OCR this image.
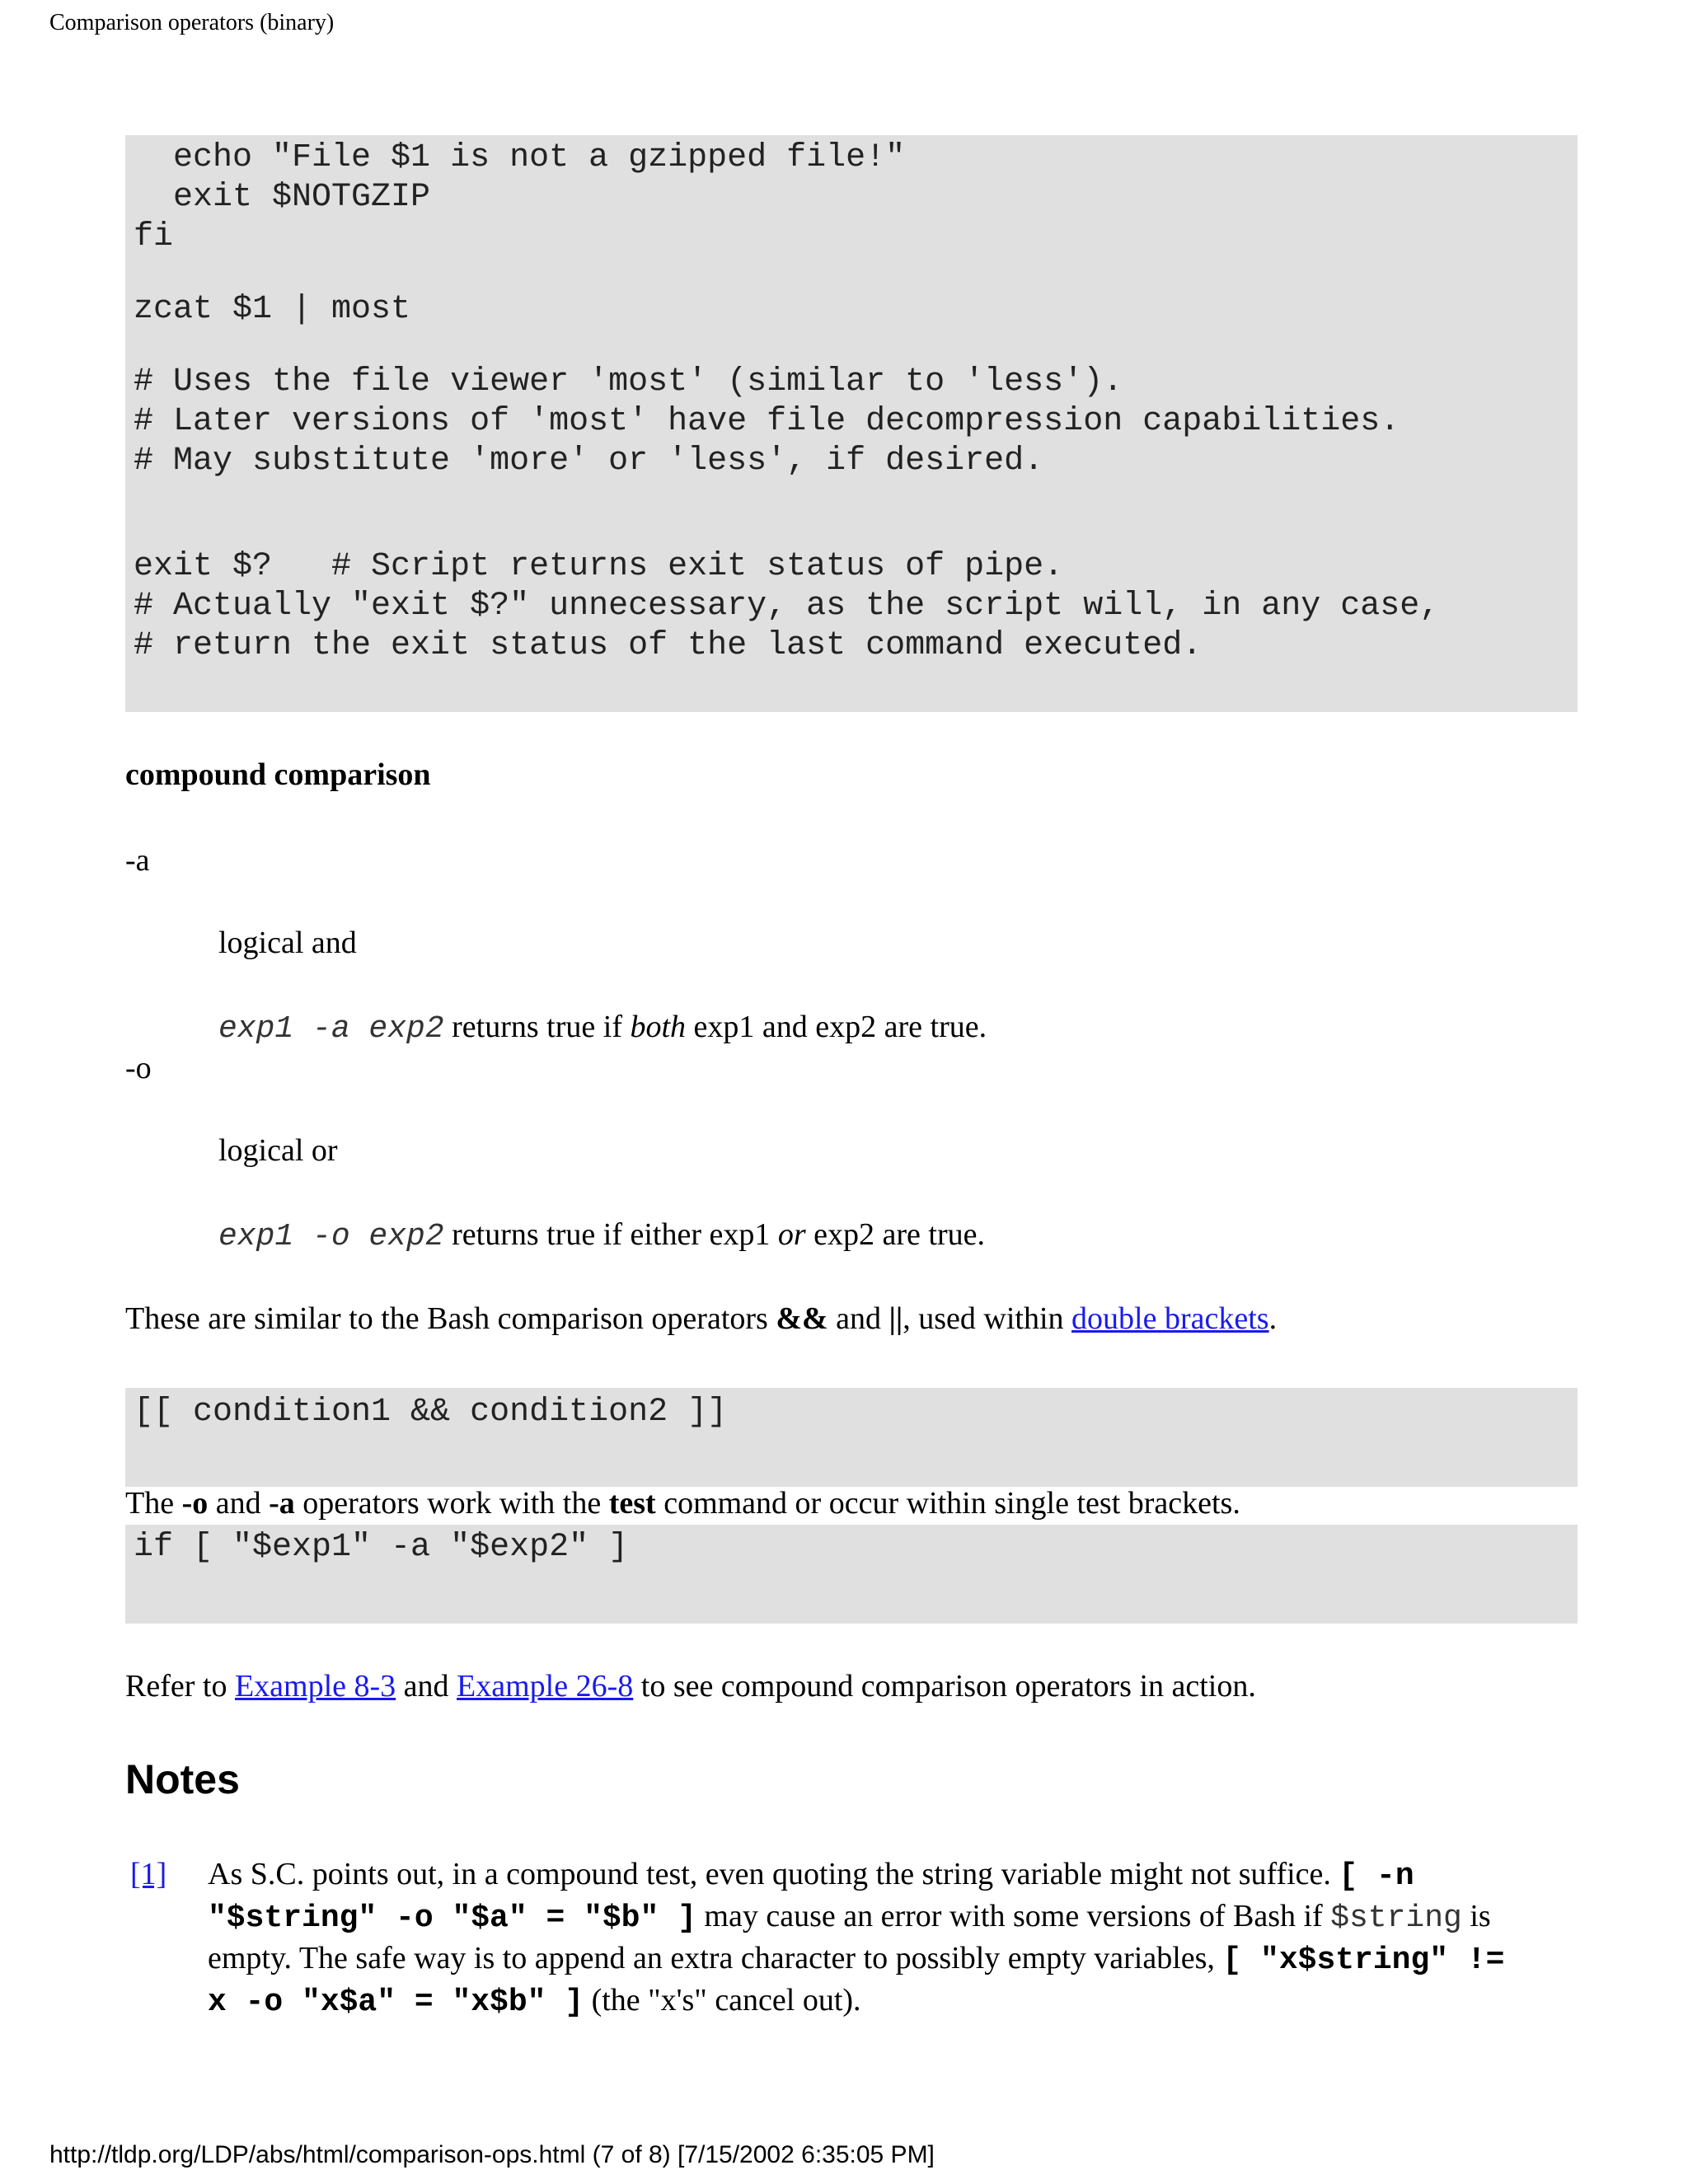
Comparison operators (binary)
echo "File $1 is not a gzipped file!"
exit $NOTGZIP
fi
zcat $1 | most
# Uses the file viewer 'most' (similar to 'less').
# Later versions of 'most' have file decompression capabilities.
# May substitute 'more' or 'less', if desired.
exit $?   # Script returns exit status of pipe.
# Actually "exit $?" unnecessary, as the script will, in any case,
# return the exit status of the last command executed.
compound comparison
-a
logical and
exp1 -a exp2 returns true if both exp1 and exp2 are true.
-o
logical or
exp1 -o exp2 returns true if either exp1 or exp2 are true.
These are similar to the Bash comparison operators && and ||, used within double brackets.
[[ condition1 && condition2 ]]
The -o and -a operators work with the test command or occur within single test brackets.
if [ "$exp1" -a "$exp2" ]
Refer to Example 8-3 and Example 26-8 to see compound comparison operators in action.
Notes
[1] As S.C. points out, in a compound test, even quoting the string variable might not suffice. [ -n "$string" -o "$a" = "$b" ] may cause an error with some versions of Bash if $string is empty. The safe way is to append an extra character to possibly empty variables, [ "x$string" != x -o "x$a" = "x$b" ] (the "x's" cancel out).
http://tldp.org/LDP/abs/html/comparison-ops.html (7 of 8) [7/15/2002 6:35:05 PM]
